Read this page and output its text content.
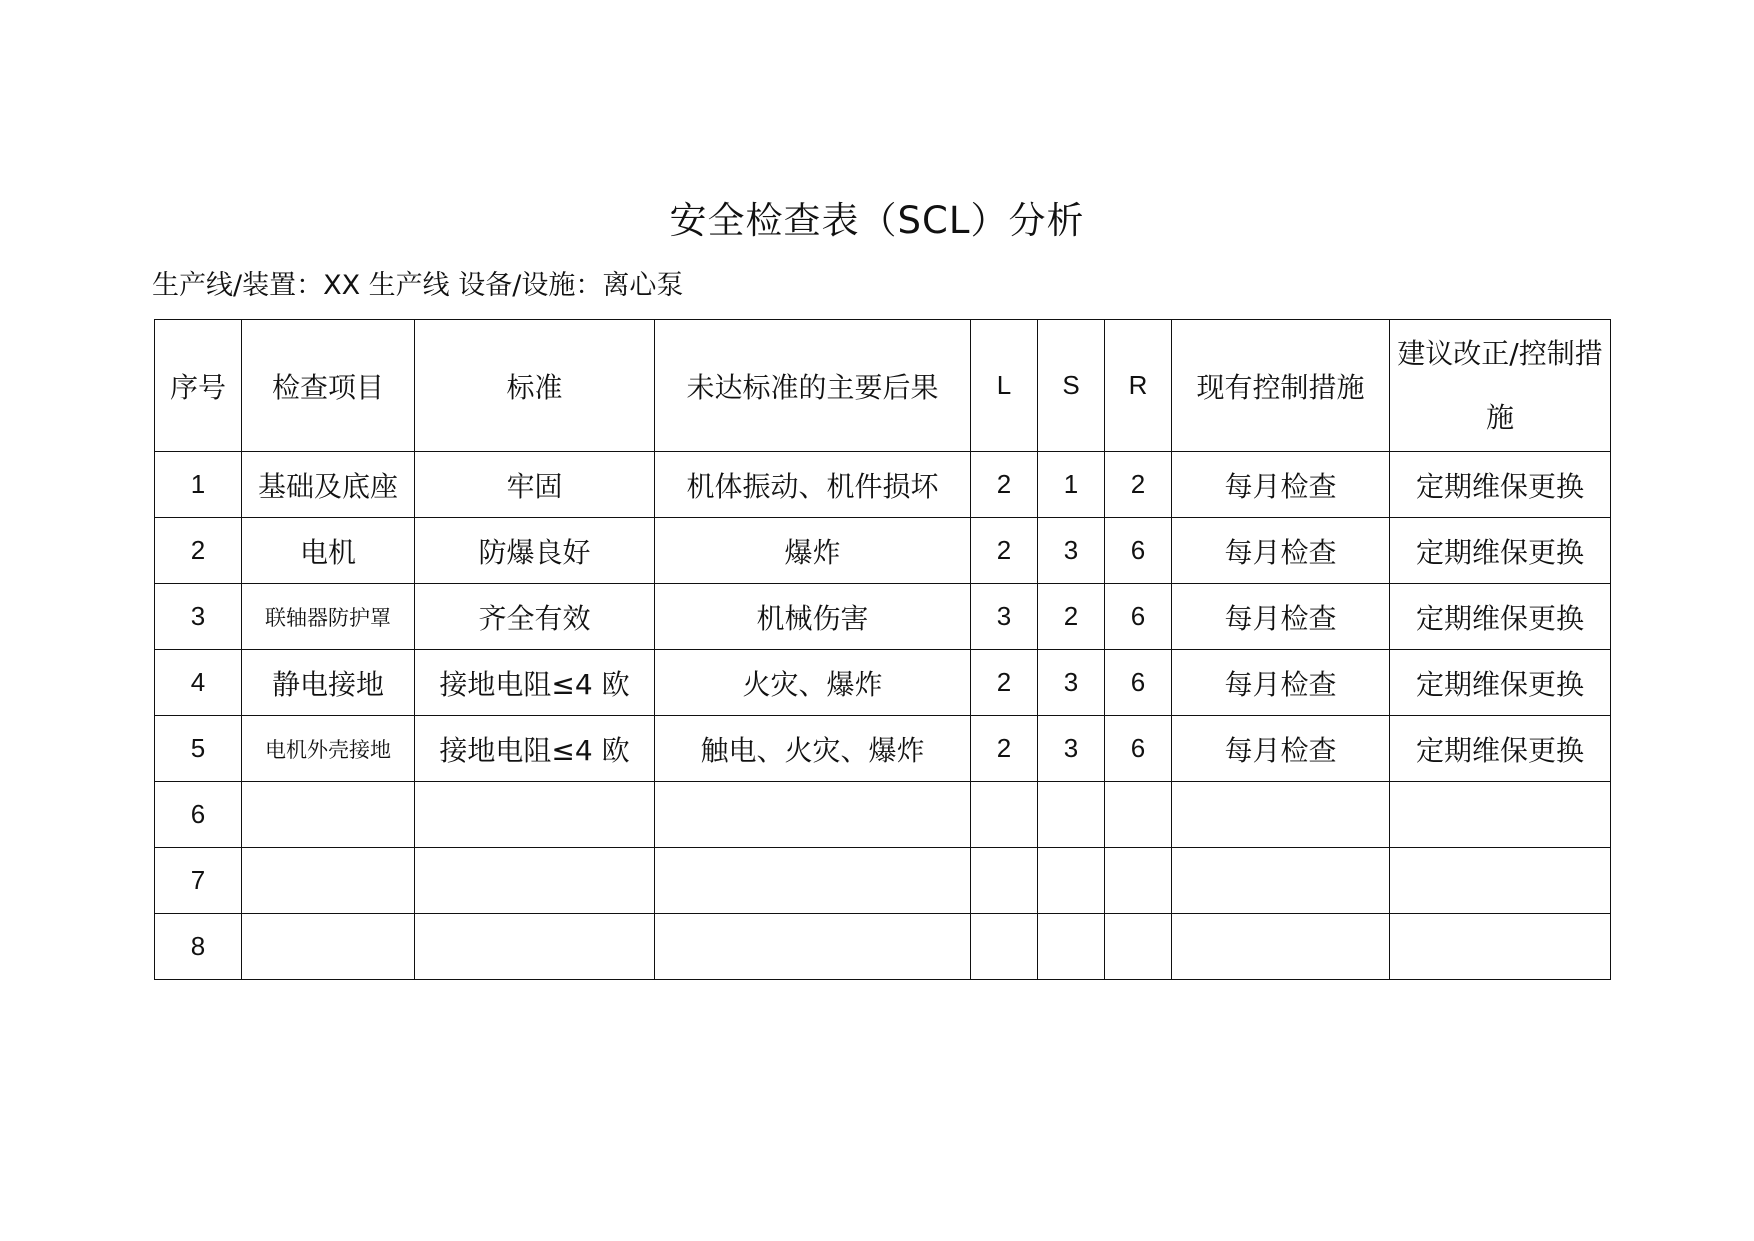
安全检查表（SCL）分析
生产线/装置：XX 生产线 设备/设施：离心泵
序号	检查项目	标准	未达标准的主要后果	L	S	R	现有控制措施	建议改正/控制措施
1	基础及底座	牢固	机体振动、机件损坏	2	1	2	每月检查	定期维保更换
2	电机	防爆良好	爆炸	2	3	6	每月检查	定期维保更换
3	联轴器防护罩	齐全有效	机械伤害	3	2	6	每月检查	定期维保更换
4	静电接地	接地电阻≤4 欧	火灾、爆炸	2	3	6	每月检查	定期维保更换
5	电机外壳接地	接地电阻≤4 欧	触电、火灾、爆炸	2	3	6	每月检查	定期维保更换
6								
7								
8								
